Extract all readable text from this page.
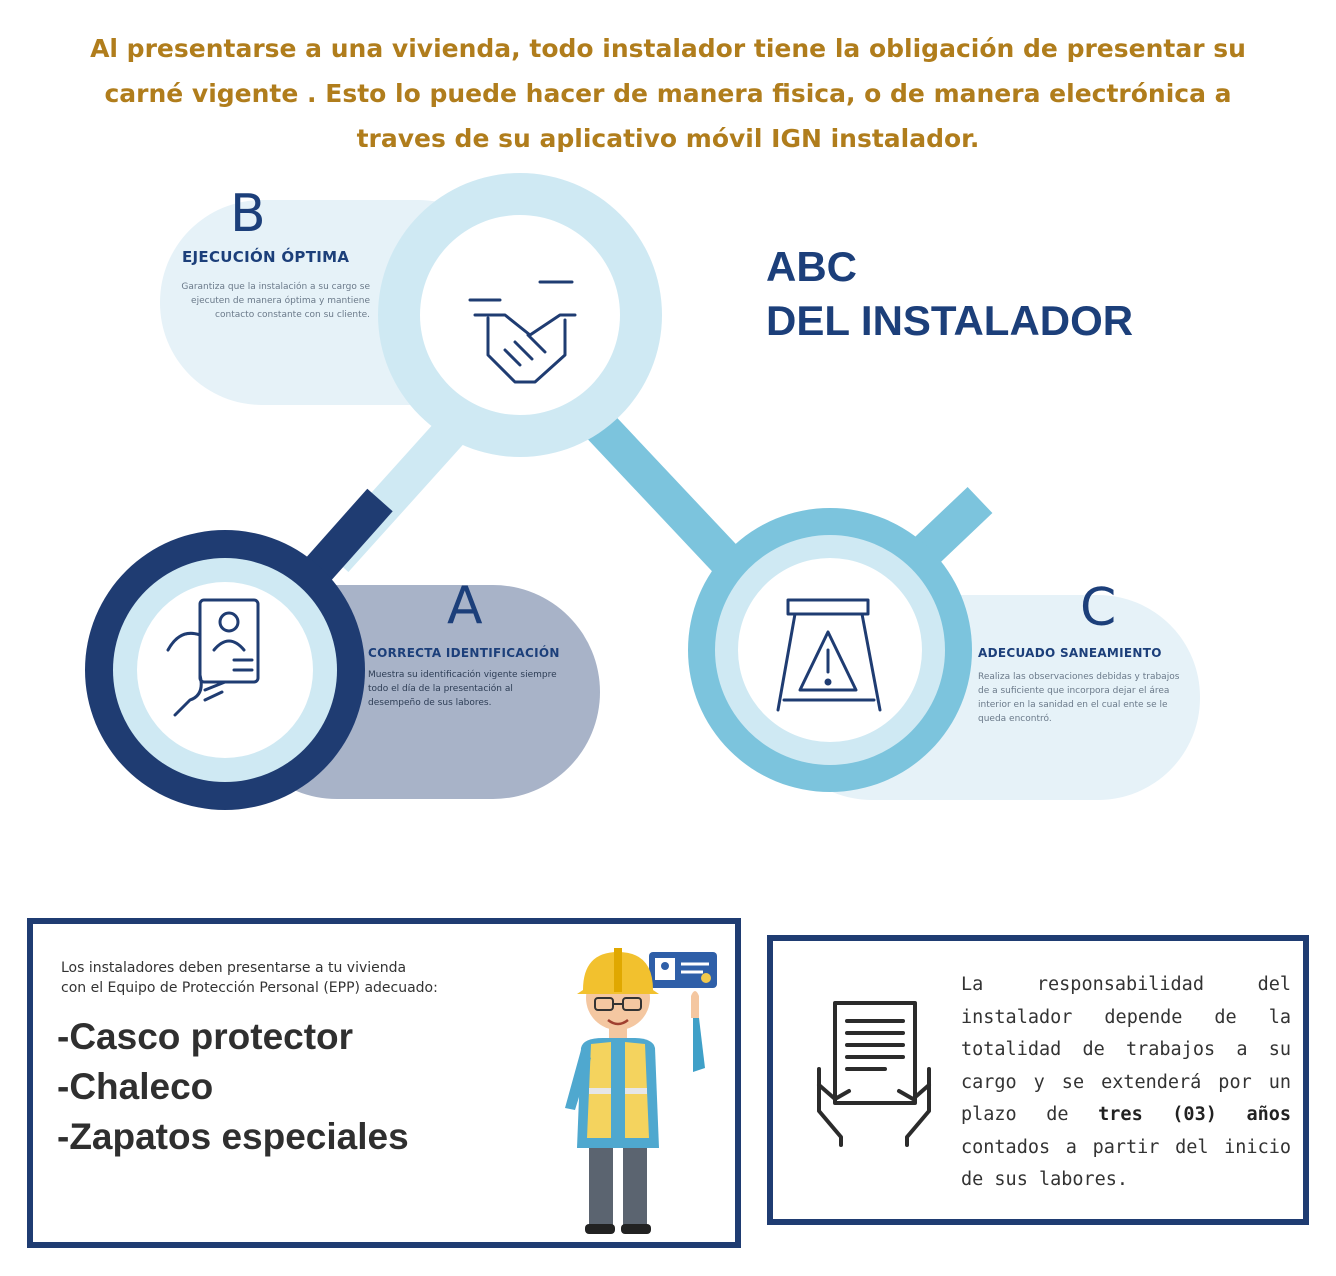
Al presentarse a una vivienda, todo instalador tiene la obligación de presentar su
carné vigente . Esto lo puede hacer de manera fisica, o de manera electrónica a
traves de su aplicativo móvil IGN instalador.
ABC
DEL INSTALADOR
B
EJECUCIÓN ÓPTIMA
Garantiza que la instalación a su cargo se ejecuten de manera óptima y mantiene contacto constante con su cliente.
A
CORRECTA IDENTIFICACIÓN
Muestra su identificación vigente siempre todo el día de la presentación al desempeño de sus labores.
C
ADECUADO SANEAMIENTO
Realiza las observaciones debidas y trabajos de a suficiente que incorpora dejar el área interior en la sanidad en el cual ente se le queda encontró.
Los instaladores deben presentarse a tu vivienda
con el Equipo de Protección Personal (EPP) adecuado:
-Casco protector
-Chaleco
-Zapatos especiales
La responsabilidad del instalador depende de la totalidad de trabajos a su cargo y se extenderá por un plazo de tres (03) años contados a partir del inicio de sus labores.
